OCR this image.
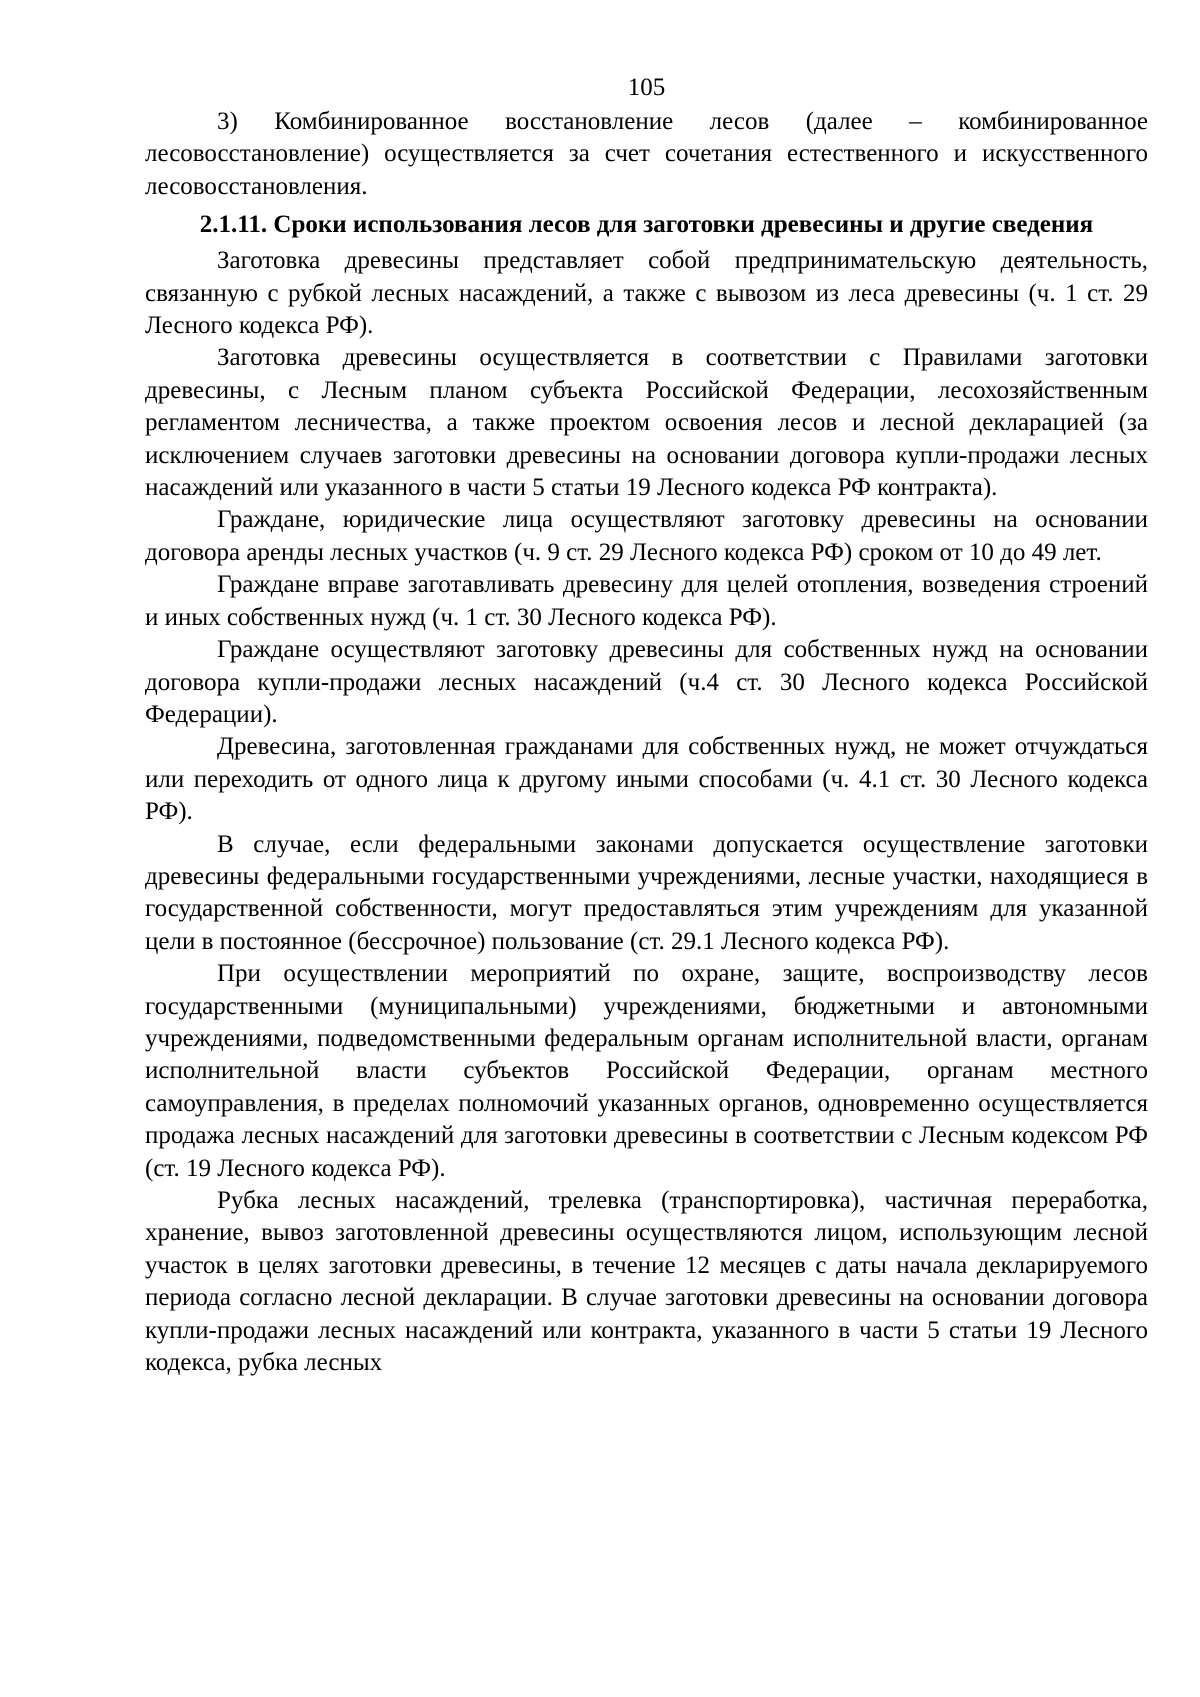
105

3) Комбинированное восстановление лесов (далее – комбинированное лесовосстановление) осуществляется за счет сочетания естественного и искусственного лесовосстановления.

2.1.11. Сроки использования лесов для заготовки древесины и другие сведения

Заготовка древесины представляет собой предпринимательскую деятельность, связанную с рубкой лесных насаждений, а также с вывозом из леса древесины (ч. 1 ст. 29 Лесного кодекса РФ).

Заготовка древесины осуществляется в соответствии с Правилами заготовки древесины, с Лесным планом субъекта Российской Федерации, лесохозяйственным регламентом лесничества, а также проектом освоения лесов и лесной декларацией (за исключением случаев заготовки древесины на основании договора купли-продажи лесных насаждений или указанного в части 5 статьи 19 Лесного кодекса РФ контракта).

Граждане, юридические лица осуществляют заготовку древесины на основании договора аренды лесных участков (ч. 9 ст. 29 Лесного кодекса РФ) сроком от 10 до 49 лет.

Граждане вправе заготавливать древесину для целей отопления, возведения строений и иных собственных нужд (ч. 1 ст. 30 Лесного кодекса РФ).

Граждане осуществляют заготовку древесины для собственных нужд на основании договора купли-продажи лесных насаждений (ч.4 ст. 30 Лесного кодекса Российской Федерации).

Древесина, заготовленная гражданами для собственных нужд, не может отчуждаться или переходить от одного лица к другому иными способами (ч. 4.1 ст. 30 Лесного кодекса РФ).

В случае, если федеральными законами допускается осуществление заготовки древесины федеральными государственными учреждениями, лесные участки, находящиеся в государственной собственности, могут предоставляться этим учреждениям для указанной цели в постоянное (бессрочное) пользование (ст. 29.1 Лесного кодекса РФ).

При осуществлении мероприятий по охране, защите, воспроизводству лесов государственными (муниципальными) учреждениями, бюджетными и автономными учреждениями, подведомственными федеральным органам исполнительной власти, органам исполнительной власти субъектов Российской Федерации, органам местного самоуправления, в пределах полномочий указанных органов, одновременно осуществляется продажа лесных насаждений для заготовки древесины в соответствии с Лесным кодексом РФ (ст. 19 Лесного кодекса РФ).

Рубка лесных насаждений, трелевка (транспортировка), частичная переработка, хранение, вывоз заготовленной древесины осуществляются лицом, использующим лесной участок в целях заготовки древесины, в течение 12 месяцев с даты начала декларируемого периода согласно лесной декларации. В случае заготовки древесины на основании договора купли-продажи лесных насаждений или контракта, указанного в части 5 статьи 19 Лесного кодекса, рубка лесных
